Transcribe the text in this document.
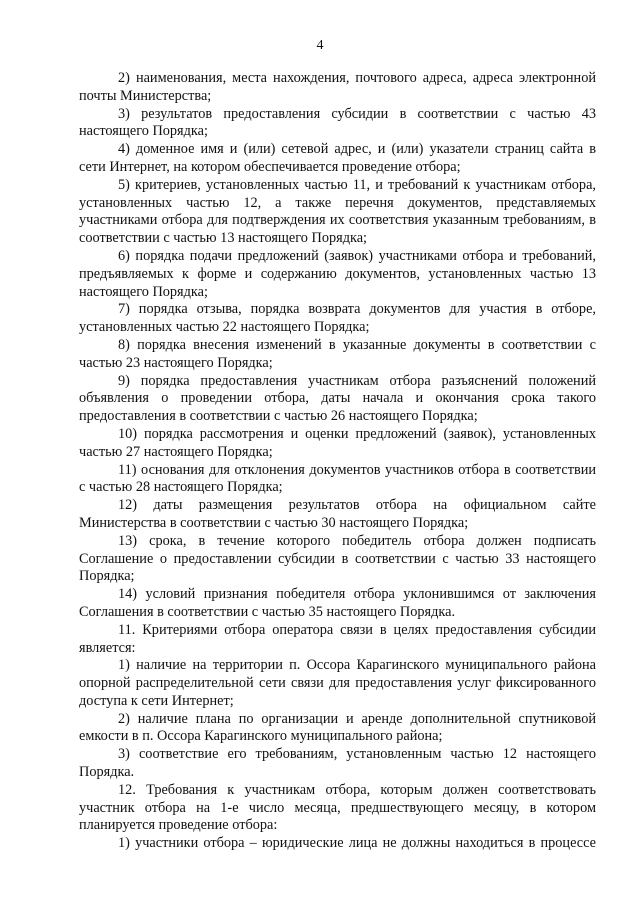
4

2) наименования, места нахождения, почтового адреса, адреса электронной почты Министерства;

3) результатов предоставления субсидии в соответствии с частью 43 настоящего Порядка;

4) доменное имя и (или) сетевой адрес, и (или) указатели страниц сайта в сети Интернет, на котором обеспечивается проведение отбора;

5) критериев, установленных частью 11, и требований к участникам отбора, установленных частью 12, а также перечня документов, представляемых участниками отбора для подтверждения их соответствия указанным требованиям, в соответствии с частью 13 настоящего Порядка;

6) порядка подачи предложений (заявок) участниками отбора и требований, предъявляемых к форме и содержанию документов, установленных частью 13 настоящего Порядка;

7) порядка отзыва, порядка возврата документов для участия в отборе, установленных частью 22 настоящего Порядка;

8) порядка внесения изменений в указанные документы в соответствии с частью 23 настоящего Порядка;

9) порядка предоставления участникам отбора разъяснений положений объявления о проведении отбора, даты начала и окончания срока такого предоставления в соответствии с частью 26 настоящего Порядка;

10) порядка рассмотрения и оценки предложений (заявок), установленных частью 27 настоящего Порядка;

11) основания для отклонения документов участников отбора в соответствии с частью 28 настоящего Порядка;

12) даты размещения результатов отбора на официальном сайте Министерства в соответствии с частью 30 настоящего Порядка;

13) срока, в течение которого победитель отбора должен подписать Соглашение о предоставлении субсидии в соответствии с частью 33 настоящего Порядка;

14) условий признания победителя отбора уклонившимся от заключения Соглашения в соответствии с частью 35 настоящего Порядка.

11. Критериями отбора оператора связи в целях предоставления субсидии является:

1) наличие на территории п. Оссора Карагинского муниципального района опорной распределительной сети связи для предоставления услуг фиксированного доступа к сети Интернет;

2) наличие плана по организации и аренде дополнительной спутниковой емкости в п. Оссора Карагинского муниципального района;

3) соответствие его требованиям, установленным частью 12 настоящего Порядка.

12. Требования к участникам отбора, которым должен соответствовать участник отбора на 1-е число месяца, предшествующего месяцу, в котором планируется проведение отбора:

1) участники отбора – юридические лица не должны находиться в процессе
